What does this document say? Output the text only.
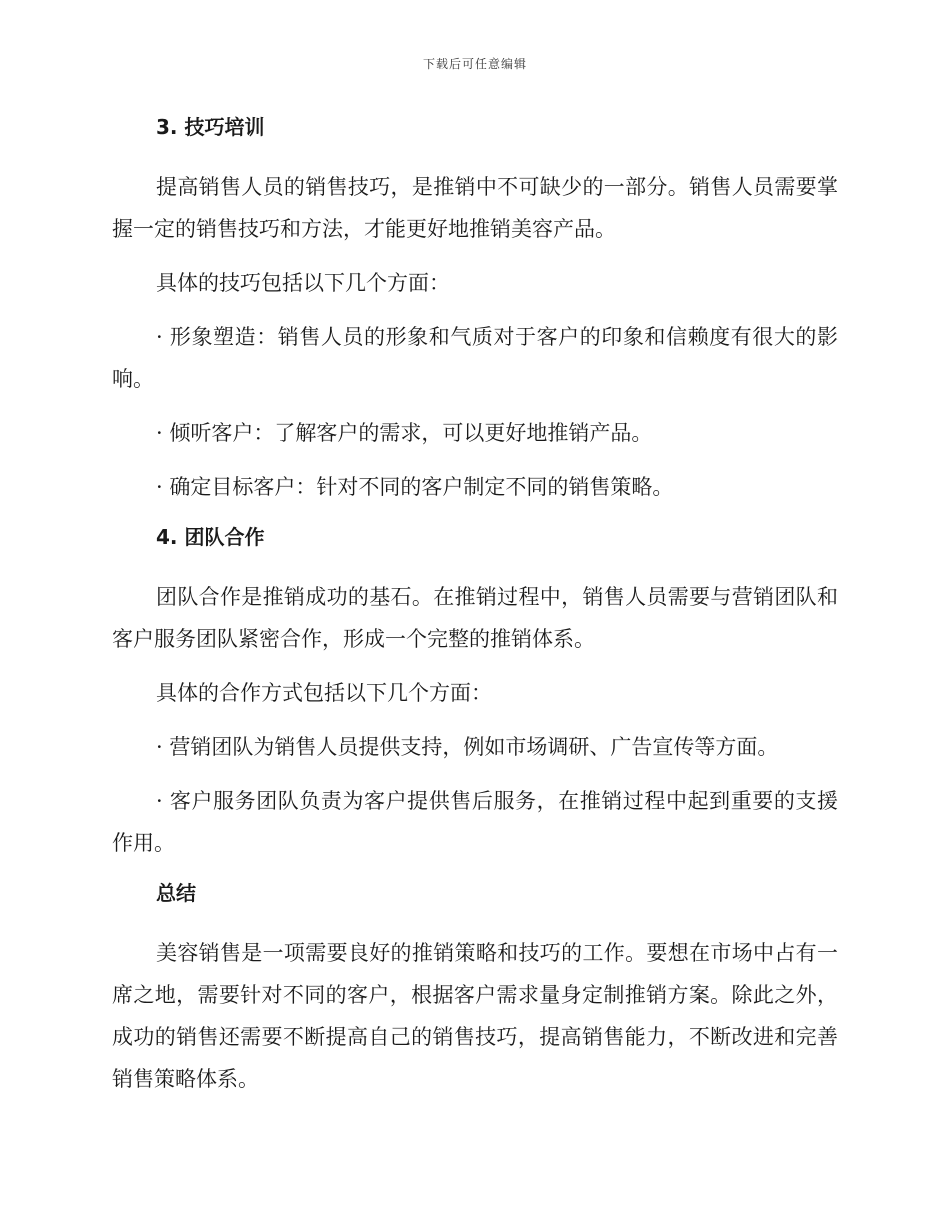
下载后可任意编辑
3. 技巧培训

提高销售人员的销售技巧，是推销中不可缺少的一部分。销售人员需要掌握一定的销售技巧和方法，才能更好地推销美容产品。

具体的技巧包括以下几个方面：

· 形象塑造：销售人员的形象和气质对于客户的印象和信赖度有很大的影响。

· 倾听客户：了解客户的需求，可以更好地推销产品。

· 确定目标客户：针对不同的客户制定不同的销售策略。

4. 团队合作

团队合作是推销成功的基石。在推销过程中，销售人员需要与营销团队和客户服务团队紧密合作，形成一个完整的推销体系。

具体的合作方式包括以下几个方面：

· 营销团队为销售人员提供支持，例如市场调研、广告宣传等方面。

· 客户服务团队负责为客户提供售后服务，在推销过程中起到重要的支援作用。

总结

美容销售是一项需要良好的推销策略和技巧的工作。要想在市场中占有一席之地，需要针对不同的客户，根据客户需求量身定制推销方案。除此之外，成功的销售还需要不断提高自己的销售技巧，提高销售能力，不断改进和完善销售策略体系。
